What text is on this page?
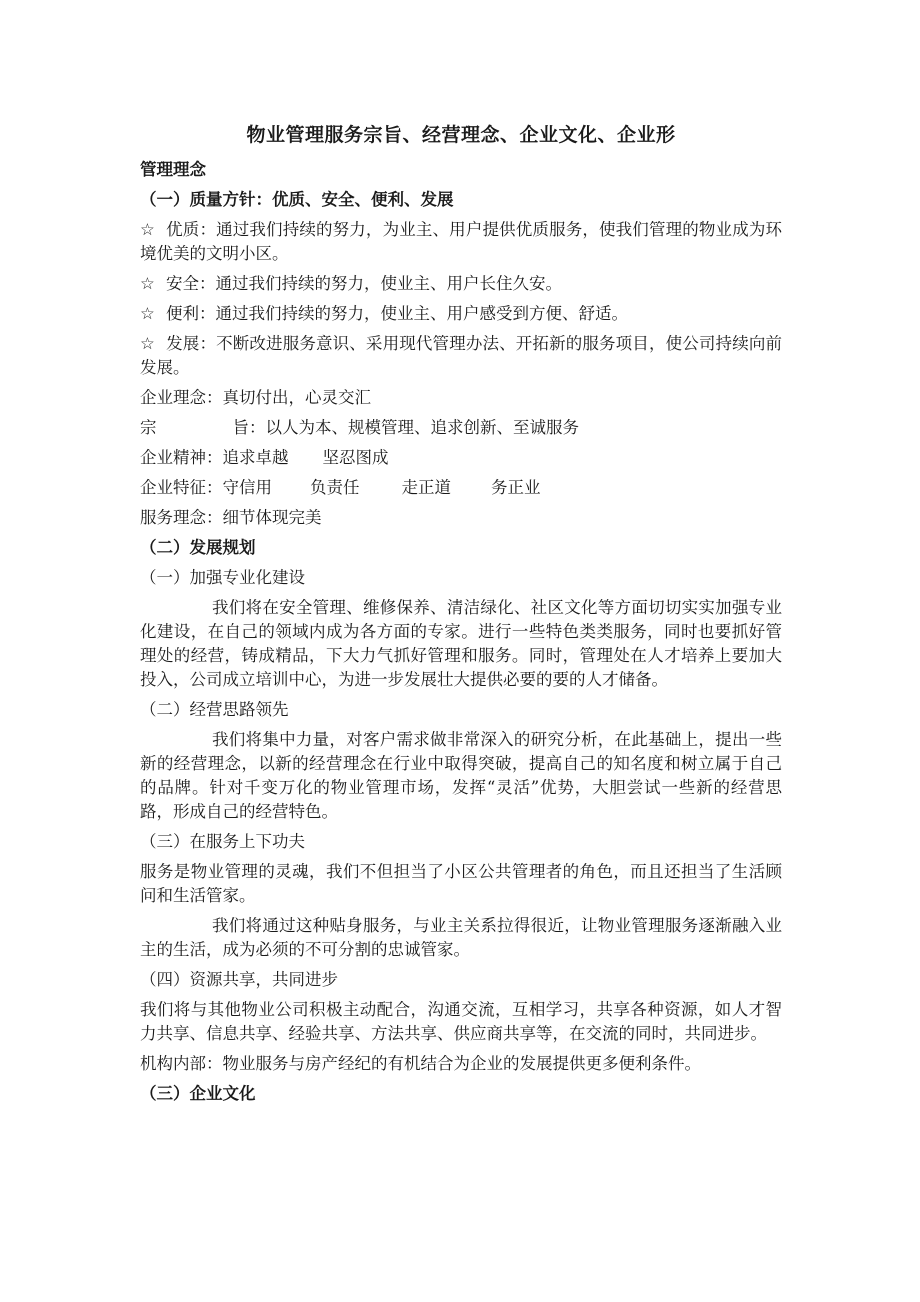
物业管理服务宗旨、经营理念、企业文化、企业形
管理理念
（一）质量方针：优质、安全、便利、发展
☆ 优质：通过我们持续的努力，为业主、用户提供优质服务，使我们管理的物业成为环境优美的文明小区。
☆ 安全：通过我们持续的努力，使业主、用户长住久安。
☆ 便利：通过我们持续的努力，使业主、用户感受到方便、舒适。
☆ 发展：不断改进服务意识、采用现代管理办法、开拓新的服务项目，使公司持续向前发展。
企业理念：真切付出，心灵交汇
宗	旨：以人为本、规模管理、追求创新、至诚服务
企业精神：追求卓越 坚忍图成
企业特征：守信用 负责任	走正道 务正业
服务理念：细节体现完美
（二）发展规划
（一）加强专业化建设
我们将在安全管理、维修保养、清洁绿化、社区文化等方面切切实实加强专业化建设，在自己的领域内成为各方面的专家。进行一些特色类类服务，同时也要抓好管理处的经营，铸成精品，下大力气抓好管理和服务。同时，管理处在人才培养上要加大投入，公司成立培训中心，为进一步发展壮大提供必要的要的人才储备。
（二）经营思路领先
我们将集中力量，对客户需求做非常深入的研究分析，在此基础上，提出一些新的经营理念，以新的经营理念在行业中取得突破，提高自己的知名度和树立属于自己的品牌。针对千变万化的物业管理市场，发挥“灵活”优势，大胆尝试一些新的经营思路，形成自己的经营特色。
（三）在服务上下功夫
服务是物业管理的灵魂，我们不但担当了小区公共管理者的角色，而且还担当了生活顾问和生活管家。
我们将通过这种贴身服务，与业主关系拉得很近，让物业管理服务逐渐融入业主的生活，成为必须的不可分割的忠诚管家。
（四）资源共享，共同进步
我们将与其他物业公司积极主动配合，沟通交流，互相学习，共享各种资源，如人才智力共享、信息共享、经验共享、方法共享、供应商共享等，在交流的同时，共同进步。
机构内部：物业服务与房产经纪的有机结合为企业的发展提供更多便利条件。
（三）企业文化
